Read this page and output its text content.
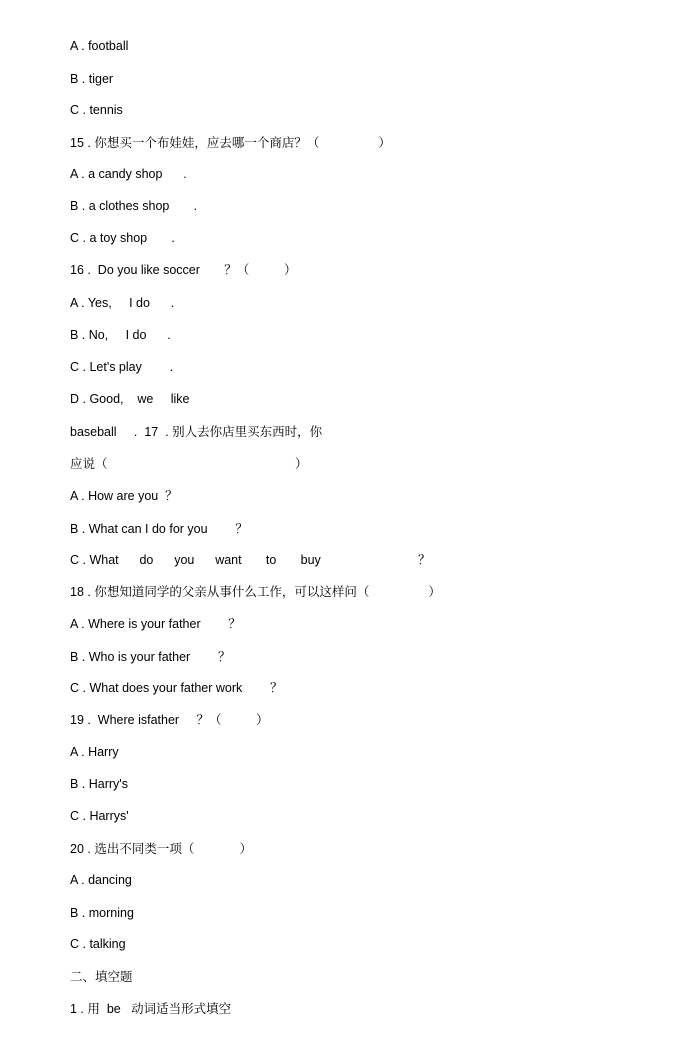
A . football
B . tiger
C . tennis
15 . 你想买一个布娃娃，应去哪一个商店？（                 ）
A . a candy shop      .
B . a clothes shop       .
C . a toy shop       .
16 .  Do you like soccer       ？（          ）
A . Yes,     I do      .
B . No,     I do      .
C . Let's play        .
D . Good,    we     like
baseball     .  17  . 别人去你店里买东西时，你
应说（                                                      ）
A . How are you  ？
B . What can I do for you        ？
C . What      do      you      want       to       buy                            ？
18 . 你想知道同学的父亲从事什么工作，可以这样问（                 ）
A . Where is your father        ？
B . Who is your father        ？
C . What does your father work        ？
19 .  Where isfather     ？（          ）
A . Harry
B . Harry's
C . Harrys'
20 . 选出不同类一项（             ）
A . dancing
B . morning
C . talking
二、填空题
1 . 用  be   动词适当形式填空
